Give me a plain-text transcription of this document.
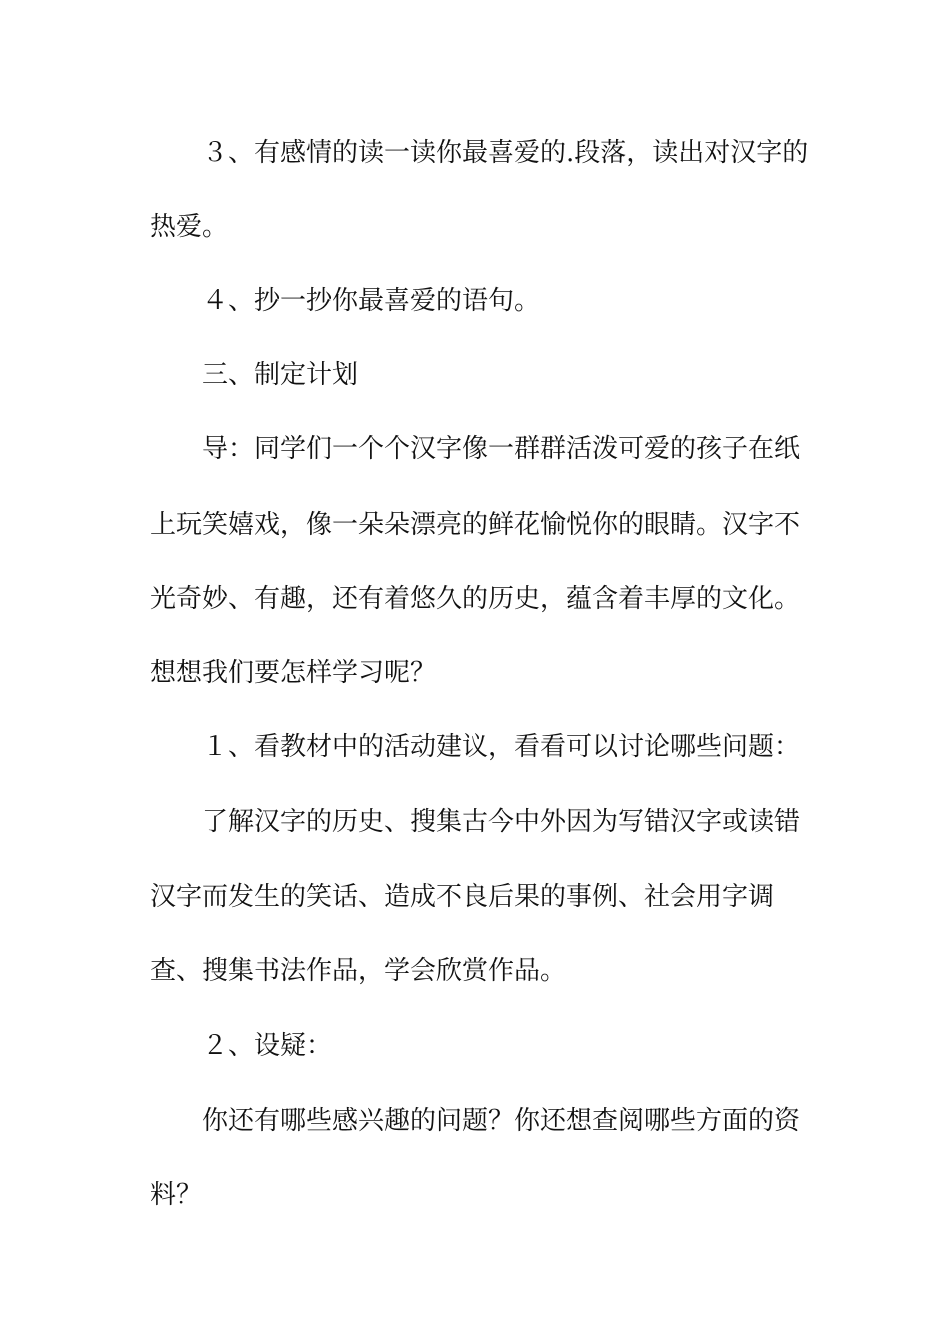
３、有感情的读一读你最喜爱的.段落，读出对汉字的
热爱。
４、抄一抄你最喜爱的语句。
三、制定计划
导：同学们一个个汉字像一群群活泼可爱的孩子在纸
上玩笑嬉戏，像一朵朵漂亮的鲜花愉悦你的眼睛。汉字不
光奇妙、有趣，还有着悠久的历史，蕴含着丰厚的文化。
想想我们要怎样学习呢？
１、看教材中的活动建议，看看可以讨论哪些问题：
了解汉字的历史、搜集古今中外因为写错汉字或读错
汉字而发生的笑话、造成不良后果的事例、社会用字调
查、搜集书法作品，学会欣赏作品。
２、设疑：
你还有哪些感兴趣的问题？你还想查阅哪些方面的资
料？
